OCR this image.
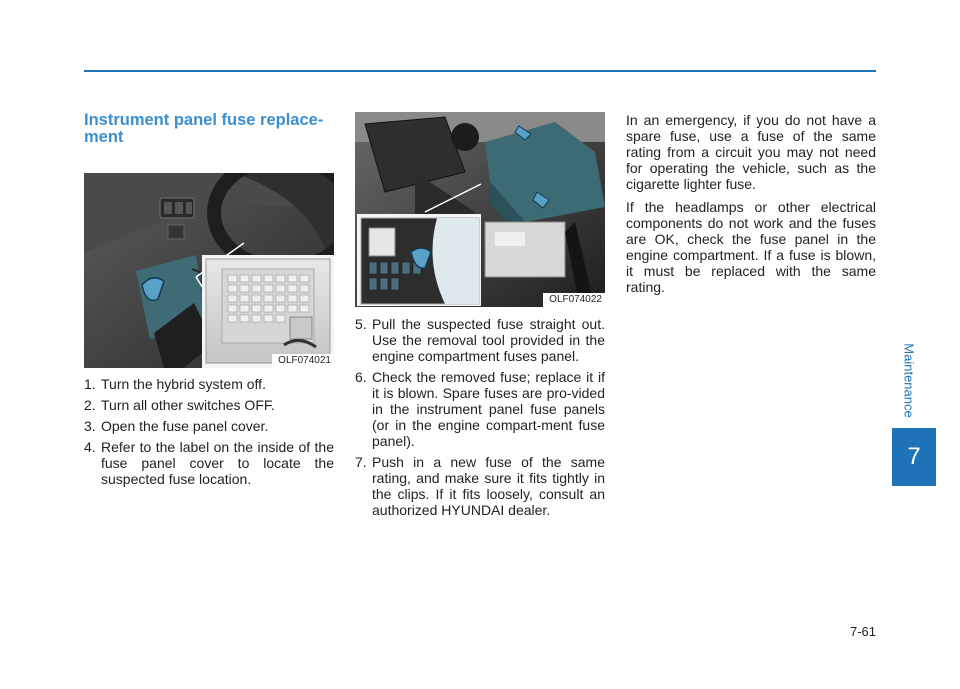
Maintenance
7
Instrument panel fuse replace-ment
OLF074021
1. Turn the hybrid system off.
2. Turn all other switches OFF.
3. Open the fuse panel cover.
4. Refer to the label on the inside of the fuse panel cover to locate the suspected fuse location.
OLF074022
5. Pull the suspected fuse straight out. Use the removal tool provided in the engine compartment fuses panel.
6. Check the removed fuse; replace it if it is blown. Spare fuses are pro-vided in the instrument panel fuse panels (or in the engine compart-ment fuse panel).
7. Push in a new fuse of the same rating, and make sure it fits tightly in the clips. If it fits loosely, consult an authorized HYUNDAI dealer.

In an emergency, if you do not have a spare fuse, use a fuse of the same rating from a circuit you may not need for operating the vehicle, such as the cigarette lighter fuse.

If the headlamps or other electrical components do not work and the fuses are OK, check the fuse panel in the engine compartment. If a fuse is blown, it must be replaced with the same rating.

7-61
